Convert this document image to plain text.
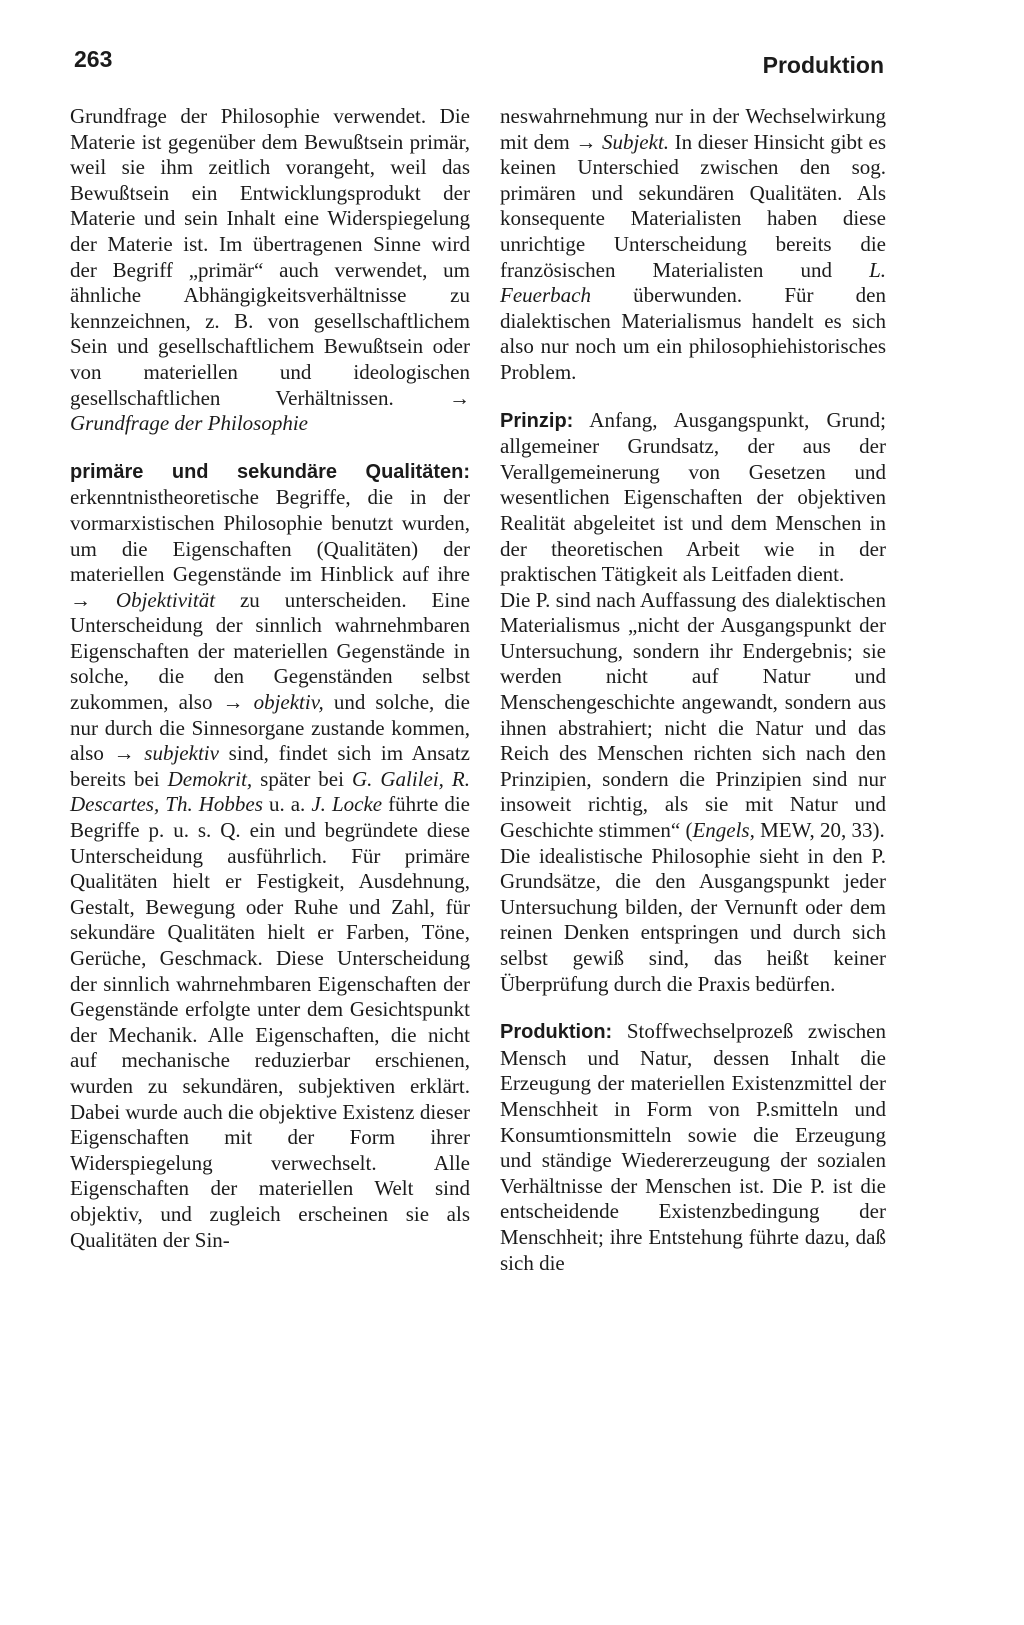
263	Produktion

Grundfrage der Philosophie verwendet. Die Materie ist gegenüber dem Bewußtsein primär, weil sie ihm zeitlich vorangeht, weil das Bewußtsein ein Entwicklungsprodukt der Materie und sein Inhalt eine Widerspiegelung der Materie ist. Im übertragenen Sinne wird der Begriff „primär“ auch verwendet, um ähnliche Abhängigkeitsverhältnisse zu kennzeichnen, z. B. von gesellschaftlichem Sein und gesellschaftlichem Bewußtsein oder von materiellen und ideologischen gesellschaftlichen Verhältnissen. → Grundfrage der Philosophie

primäre und sekundäre Qualitäten: erkenntnistheoretische Begriffe, die in der vormarxistischen Philosophie benutzt wurden, um die Eigenschaften (Qualitäten) der materiellen Gegenstände im Hinblick auf ihre → Objektivität zu unterscheiden. Eine Unterscheidung der sinnlich wahrnehmbaren Eigenschaften der materiellen Gegenstände in solche, die den Gegenständen selbst zukommen, also → objektiv, und solche, die nur durch die Sinnesorgane zustande kommen, also → subjektiv sind, findet sich im Ansatz bereits bei Demokrit, später bei G. Galilei, R. Descartes, Th. Hobbes u. a. J. Locke führte die Begriffe p. u. s. Q. ein und begründete diese Unterscheidung ausführlich. Für primäre Qualitäten hielt er Festigkeit, Ausdehnung, Gestalt, Bewegung oder Ruhe und Zahl, für sekundäre Qualitäten hielt er Farben, Töne, Gerüche, Geschmack. Diese Unterscheidung der sinnlich wahrnehmbaren Eigenschaften der Gegenstände erfolgte unter dem Gesichtspunkt der Mechanik. Alle Eigenschaften, die nicht auf mechanische reduzierbar erschienen, wurden zu sekundären, subjektiven erklärt. Dabei wurde auch die objektive Existenz dieser Eigenschaften mit der Form ihrer Widerspiegelung verwechselt. Alle Eigenschaften der materiellen Welt sind objektiv, und zugleich erscheinen sie als Qualitäten der Sin-

neswahrnehmung nur in der Wechselwirkung mit dem → Subjekt. In dieser Hinsicht gibt es keinen Unterschied zwischen den sog. primären und sekundären Qualitäten. Als konsequente Materialisten haben diese unrichtige Unterscheidung bereits die französischen Materialisten und L. Feuerbach überwunden. Für den dialektischen Materialismus handelt es sich also nur noch um ein philosophiehistorisches Problem.

Prinzip: Anfang, Ausgangspunkt, Grund; allgemeiner Grundsatz, der aus der Verallgemeinerung von Gesetzen und wesentlichen Eigenschaften der objektiven Realität abgeleitet ist und dem Menschen in der theoretischen Arbeit wie in der praktischen Tätigkeit als Leitfaden dient.

Die P. sind nach Auffassung des dialektischen Materialismus „nicht der Ausgangspunkt der Untersuchung, sondern ihr Endergebnis; sie werden nicht auf Natur und Menschengeschichte angewandt, sondern aus ihnen abstrahiert; nicht die Natur und das Reich des Menschen richten sich nach den Prinzipien, sondern die Prinzipien sind nur insoweit richtig, als sie mit Natur und Geschichte stimmen“ (Engels, MEW, 20, 33).

Die idealistische Philosophie sieht in den P. Grundsätze, die den Ausgangspunkt jeder Untersuchung bilden, der Vernunft oder dem reinen Denken entspringen und durch sich selbst gewiß sind, das heißt keiner Überprüfung durch die Praxis bedürfen.

Produktion: Stoffwechselprozeß zwischen Mensch und Natur, dessen Inhalt die Erzeugung der materiellen Existenzmittel der Menschheit in Form von P.smitteln und Konsumtionsmitteln sowie die Erzeugung und ständige Wiedererzeugung der sozialen Verhältnisse der Menschen ist. Die P. ist die entscheidende Existenzbedingung der Menschheit; ihre Entstehung führte dazu, daß sich die
